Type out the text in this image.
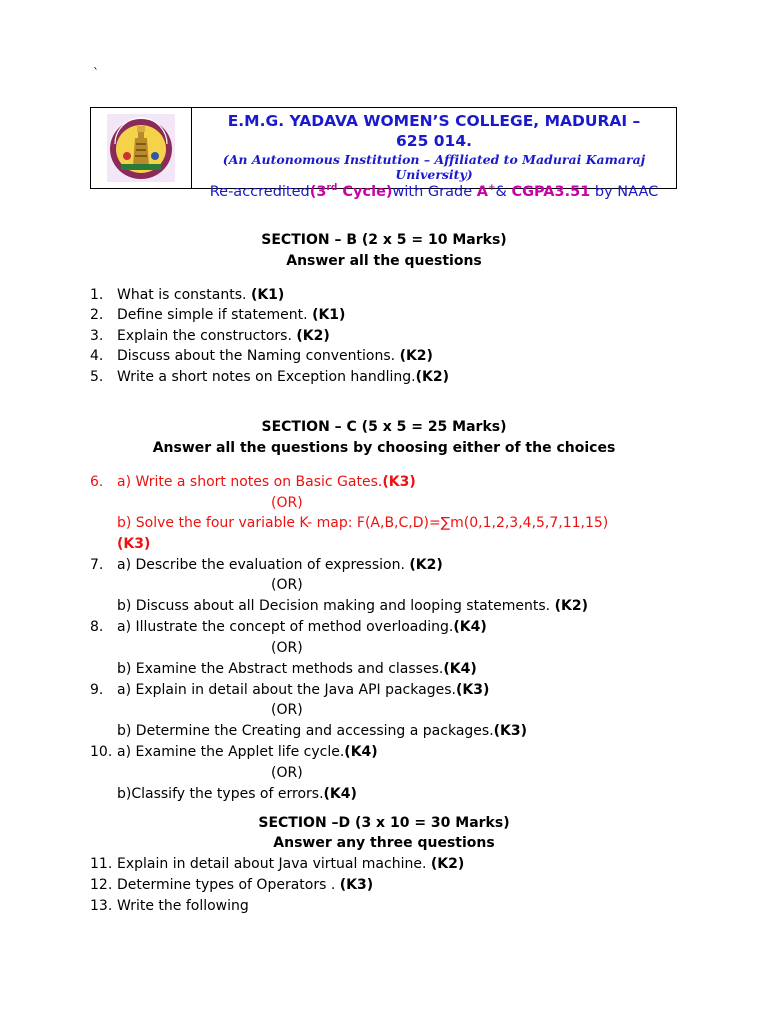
`
E.M.G. YADAVA WOMEN’S COLLEGE, MADURAI –
625 014.
(An Autonomous Institution – Affiliated to Madurai Kamaraj University)
Re-accredited(3rd Cycle)with Grade A+& CGPA3.51 by NAAC
SECTION – B (2 x 5 = 10 Marks)
Answer all the questions
1. What is constants. (K1)
2. Define simple if statement. (K1)
3. Explain the constructors. (K2)
4. Discuss about the Naming conventions. (K2)
5. Write a short notes on Exception handling.(K2)
SECTION – C (5 x 5 = 25 Marks)
Answer all the questions by choosing either of the choices
6. a) Write a short notes on Basic Gates.(K3)
(OR)
b) Solve the four variable K- map: F(A,B,C,D)=∑m(0,1,2,3,4,5,7,11,15)
(K3)
7. a) Describe the evaluation of expression. (K2)
(OR)
b) Discuss about all Decision making and looping statements. (K2)
8. a) Illustrate the concept of method overloading.(K4)
(OR)
b) Examine the Abstract methods and classes.(K4)
9. a) Explain in detail about the Java API packages.(K3)
(OR)
b) Determine the Creating and accessing a packages.(K3)
10. a) Examine the Applet life cycle.(K4)
(OR)
b)Classify the types of errors.(K4)
SECTION –D (3 x 10 = 30 Marks)
Answer any three questions
11. Explain in detail about Java virtual machine. (K2)
12. Determine types of Operators . (K3)
13. Write the following
